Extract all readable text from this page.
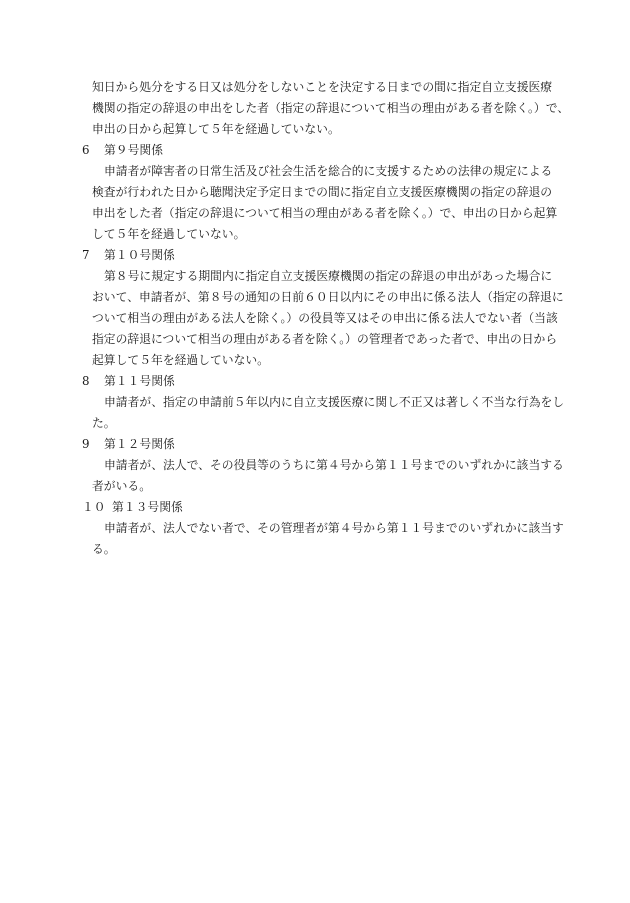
知日から処分をする日又は処分をしないことを決定する日までの間に指定自立支援医療
機関の指定の辞退の申出をした者（指定の辞退について相当の理由がある者を除く。）で、
申出の日から起算して５年を経過していない。
6 第９号関係
申請者が障害者の日常生活及び社会生活を総合的に支援するための法律の規定による
検査が行われた日から聴聞決定予定日までの間に指定自立支援医療機関の指定の辞退の
申出をした者（指定の辞退について相当の理由がある者を除く。）で、申出の日から起算
して５年を経過していない。
7 第１０号関係
第８号に規定する期間内に指定自立支援医療機関の指定の辞退の申出があった場合に
おいて、申請者が、第８号の通知の日前６０日以内にその申出に係る法人（指定の辞退に
ついて相当の理由がある法人を除く。）の役員等又はその申出に係る法人でない者（当該
指定の辞退について相当の理由がある者を除く。）の管理者であった者で、申出の日から
起算して５年を経過していない。
8 第１１号関係
申請者が、指定の申請前５年以内に自立支援医療に関し不正又は著しく不当な行為をし
た。
9 第１２号関係
申請者が、法人で、その役員等のうちに第４号から第１１号までのいずれかに該当する
者がいる。
１０ 第１３号関係
申請者が、法人でない者で、その管理者が第４号から第１１号までのいずれかに該当す
る。
